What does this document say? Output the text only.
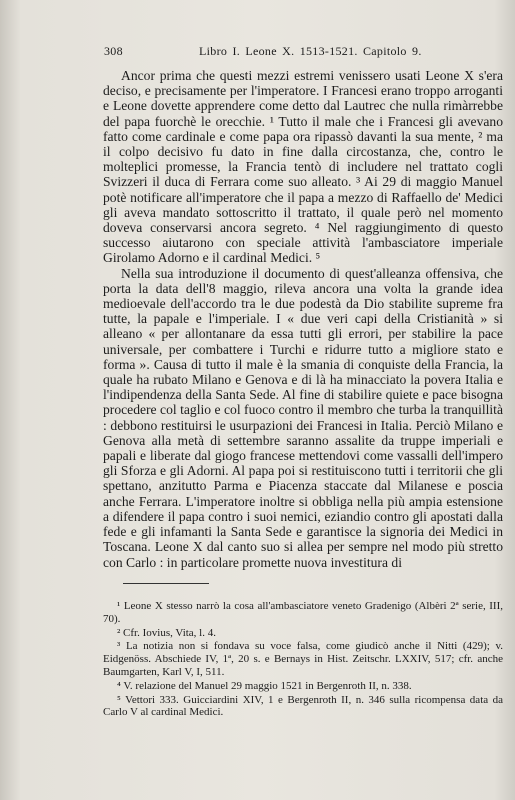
308	Libro I. Leone X. 1513-1521. Capitolo 9.

Ancor prima che questi mezzi estremi venissero usati Leone X s'era deciso, e precisamente per l'imperatore. I Francesi erano troppo arroganti e Leone dovette apprendere come detto dal Lautrec che nulla rimàrrebbe del papa fuorchè le orecchie. ¹ Tutto il male che i Francesi gli avevano fatto come cardinale e come papa ora ripassò davanti la sua mente, ² ma il colpo decisivo fu dato in fine dalla circostanza, che, contro le molteplici promesse, la Francia tentò di includere nel trattato cogli Svizzeri il duca di Ferrara come suo alleato. ³ Ai 29 di maggio Manuel potè notificare all'imperatore che il papa a mezzo di Raffaello de' Medici gli aveva mandato sottoscritto il trattato, il quale però nel momento doveva conservarsi ancora segreto. ⁴ Nel raggiungimento di questo successo aiutarono con speciale attività l'ambasciatore imperiale Girolamo Adorno e il cardinal Medici. ⁵

Nella sua introduzione il documento di quest'alleanza offensiva, che porta la data dell'8 maggio, rileva ancora una volta la grande idea medioevale dell'accordo tra le due podestà da Dio stabilite supreme fra tutte, la papale e l'imperiale. I « due veri capi della Cristianità » si alleano « per allontanare da essa tutti gli errori, per stabilire la pace universale, per combattere i Turchi e ridurre tutto a migliore stato e forma ». Causa di tutto il male è la smania di conquiste della Francia, la quale ha rubato Milano e Genova e di là ha minacciato la povera Italia e l'indipendenza della Santa Sede. Al fine di stabilire quiete e pace bisogna procedere col taglio e col fuoco contro il membro che turba la tranquillità : debbono restituirsi le usurpazioni dei Francesi in Italia. Perciò Milano e Genova alla metà di settembre saranno assalite da truppe imperiali e papali e liberate dal giogo francese mettendovi come vassalli dell'impero gli Sforza e gli Adorni. Al papa poi si restituiscono tutti i territorii che gli spettano, anzitutto Parma e Piacenza staccate dal Milanese e poscia anche Ferrara. L'imperatore inoltre si obbliga nella più ampia estensione a difendere il papa contro i suoi nemici, eziandio contro gli apostati dalla fede e gli infamanti la Santa Sede e garantisce la signoria dei Medici in Toscana. Leone X dal canto suo si allea per sempre nel modo più stretto con Carlo : in particolare promette nuova investitura di

¹ Leone X stesso narrò la cosa all'ambasciatore veneto Gradenigo (Albèri 2ª serie, III, 70).

² Cfr. Iovius, Vita, l. 4.

³ La notizia non si fondava su voce falsa, come giudicò anche il Nitti (429); v. Eidgenöss. Abschiede IV, 1ª, 20 s. e Bernays in Hist. Zeitschr. LXXIV, 517; cfr. anche Baumgarten, Karl V, I, 511.

⁴ V. relazione del Manuel 29 maggio 1521 in Bergenroth II, n. 338.

⁵ Vettori 333. Guicciardini XIV, 1 e Bergenroth II, n. 346 sulla ricompensa data da Carlo V al cardinal Medici.
